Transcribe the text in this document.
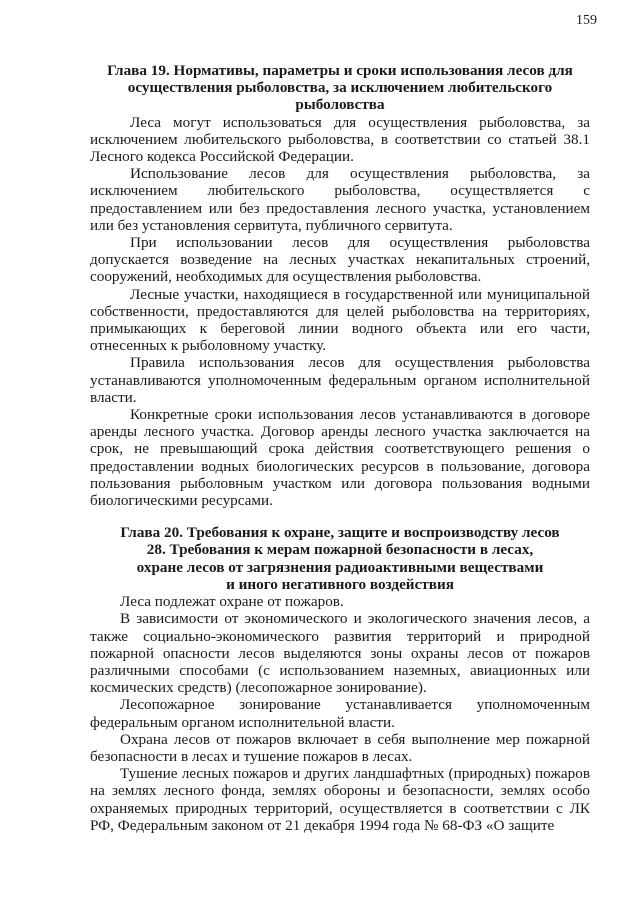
159
Глава 19. Нормативы, параметры и сроки использования лесов для
осуществления рыболовства, за исключением любительского
рыболовства

Леса могут использоваться для осуществления рыболовства, за исключением любительского рыболовства, в соответствии со статьей 38.1 Лесного кодекса Российской Федерации.

Использование лесов для осуществления рыболовства, за исключением любительского рыболовства, осуществляется с предоставлением или без предоставления лесного участка, установлением или без установления сервитута, публичного сервитута.

При использовании лесов для осуществления рыболовства допускается возведение на лесных участках некапитальных строений, сооружений, необходимых для осуществления рыболовства.

Лесные участки, находящиеся в государственной или муниципальной собственности, предоставляются для целей рыболовства на территориях, примыкающих к береговой линии водного объекта или его части, отнесенных к рыболовному участку.

Правила использования лесов для осуществления рыболовства устанавливаются уполномоченным федеральным органом исполнительной власти.

Конкретные сроки использования лесов устанавливаются в договоре аренды лесного участка. Договор аренды лесного участка заключается на срок, не превышающий срока действия соответствующего решения о предоставлении водных биологических ресурсов в пользование, договора пользования рыболовным участком или договора пользования водными биологическими ресурсами.

Глава 20. Требования к охране, защите и воспроизводству лесов
28. Требования к мерам пожарной безопасности в лесах,
охране лесов от загрязнения радиоактивными веществами
и иного негативного воздействия

Леса подлежат охране от пожаров.

В зависимости от экономического и экологического значения лесов, а также социально-экономического развития территорий и природной пожарной опасности лесов выделяются зоны охраны лесов от пожаров различными способами (с использованием наземных, авиационных или космических средств) (лесопожарное зонирование).

Лесопожарное зонирование устанавливается уполномоченным федеральным органом исполнительной власти.

Охрана лесов от пожаров включает в себя выполнение мер пожарной безопасности в лесах и тушение пожаров в лесах.

Тушение лесных пожаров и других ландшафтных (природных) пожаров на землях лесного фонда, землях обороны и безопасности, землях особо охраняемых природных территорий, осуществляется в соответствии с ЛК РФ, Федеральным законом от 21 декабря 1994 года № 68-ФЗ «О защите
